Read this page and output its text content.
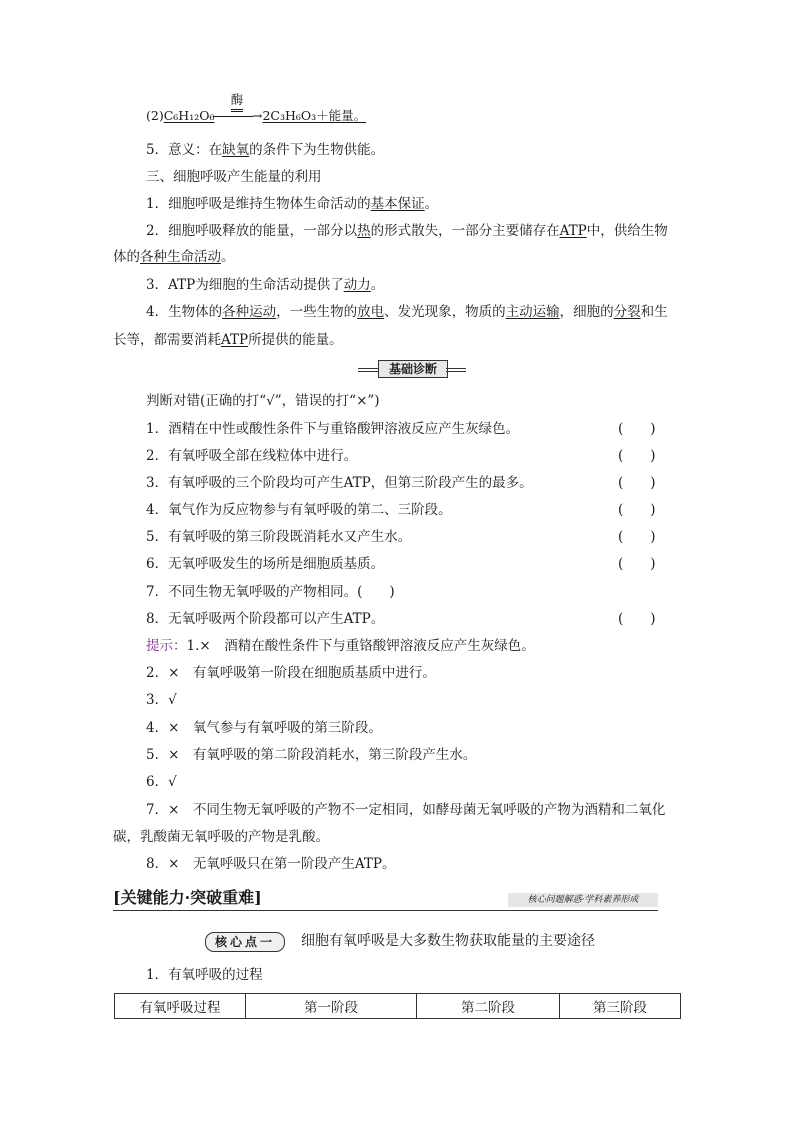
(2)C₆H₁₂O₆
酶
→2C₃H₆O₃＋能量。
5．意义：在缺氧的条件下为生物供能。
三、细胞呼吸产生能量的利用
1．细胞呼吸是维持生物体生命活动的基本保证。
2．细胞呼吸释放的能量，一部分以热的形式散失，一部分主要储存在ATP中，供给生物
体的各种生命活动。
3．ATP为细胞的生命活动提供了动力。
4．生物体的各种运动，一些生物的放电、发光现象，物质的主动运输，细胞的分裂和生
长等，都需要消耗ATP所提供的能量。
基础诊断
判断对错(正确的打“√”，错误的打“×”)
1．酒精在中性或酸性条件下与重铬酸钾溶液反应产生灰绿色。	(　　)
2．有氧呼吸全部在线粒体中进行。	(　　)
3．有氧呼吸的三个阶段均可产生ATP，但第三阶段产生的最多。	(　　)
4．氧气作为反应物参与有氧呼吸的第二、三阶段。	(　　)
5．有氧呼吸的第三阶段既消耗水又产生水。	(　　)
6．无氧呼吸发生的场所是细胞质基质。	(　　)
7．不同生物无氧呼吸的产物相同。(　　)
8．无氧呼吸两个阶段都可以产生ATP。	(　　)
提示：1.×　酒精在酸性条件下与重铬酸钾溶液反应产生灰绿色。
2．×　有氧呼吸第一阶段在细胞质基质中进行。
3．√
4．×　氧气参与有氧呼吸的第三阶段。
5．×　有氧呼吸的第二阶段消耗水，第三阶段产生水。
6．√
7．×　不同生物无氧呼吸的产物不一定相同，如酵母菌无氧呼吸的产物为酒精和二氧化
碳，乳酸菌无氧呼吸的产物是乳酸。
8．×　无氧呼吸只在第一阶段产生ATP。
[关键能力·突破重难]	核心问题解惑·学科素养形成
核心点一	细胞有氧呼吸是大多数生物获取能量的主要途径
1．有氧呼吸的过程
有氧呼吸过程	第一阶段	第二阶段	第三阶段
